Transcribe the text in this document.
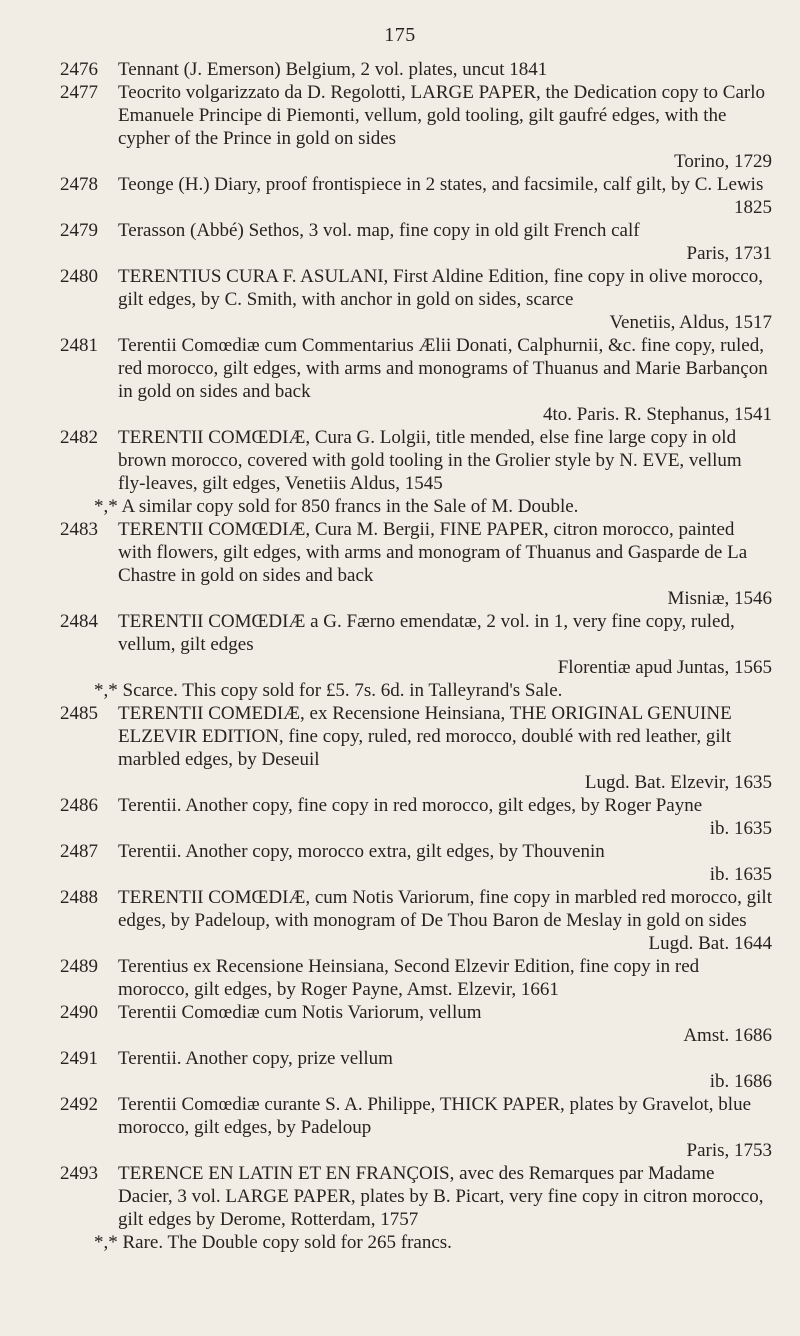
175
2476	Tennant (J. Emerson) Belgium, 2 vol. plates, uncut 1841
2477	Teocrito volgarizzato da D. Regolotti, LARGE PAPER, the Dedication copy to Carlo Emanuele Principe di Piemonti, vellum, gold tooling, gilt gaufré edges, with the cypher of the Prince in gold on sides
Torino, 1729
2478	Teonge (H.) Diary, proof frontispiece in 2 states, and facsimile, calf gilt, by C. Lewis
1825
2479	Terasson (Abbé) Sethos, 3 vol. map, fine copy in old gilt French calf
Paris, 1731
2480	TERENTIUS CURA F. ASULANI, First Aldine Edition, fine copy in olive morocco, gilt edges, by C. Smith, with anchor in gold on sides, scarce
Venetiis, Aldus, 1517
2481	Terentii Comœdiæ cum Commentarius Ælii Donati, Calphurnii, &c. fine copy, ruled, red morocco, gilt edges, with arms and monograms of Thuanus and Marie Barbançon in gold on sides and back
4to. Paris. R. Stephanus, 1541
2482	TERENTII COMŒDIÆ, Cura G. Lolgii, title mended, else fine large copy in old brown morocco, covered with gold tooling in the Grolier style by N. EVE, vellum fly-leaves, gilt edges, Venetiis Aldus, 1545
*,* A similar copy sold for 850 francs in the Sale of M. Double.
2483	TERENTII COMŒDIÆ, Cura M. Bergii, FINE PAPER, citron morocco, painted with flowers, gilt edges, with arms and monogram of Thuanus and Gasparde de La Chastre in gold on sides and back
Misniæ, 1546
2484	TERENTII COMŒDIÆ a G. Færno emendatæ, 2 vol. in 1, very fine copy, ruled, vellum, gilt edges
Florentiæ apud Juntas, 1565
*,* Scarce. This copy sold for £5. 7s. 6d. in Talleyrand's Sale.
2485	TERENTII COMEDIÆ, ex Recensione Heinsiana, THE ORIGINAL GENUINE ELZEVIR EDITION, fine copy, ruled, red morocco, doublé with red leather, gilt marbled edges, by Deseuil
Lugd. Bat. Elzevir, 1635
2486	Terentii. Another copy, fine copy in red morocco, gilt edges, by Roger Payne
ib. 1635
2487	Terentii. Another copy, morocco extra, gilt edges, by Thouvenin
ib. 1635
2488	TERENTII COMŒDIÆ, cum Notis Variorum, fine copy in marbled red morocco, gilt edges, by Padeloup, with monogram of De Thou Baron de Meslay in gold on sides
Lugd. Bat. 1644
2489	Terentius ex Recensione Heinsiana, Second Elzevir Edition, fine copy in red morocco, gilt edges, by Roger Payne, Amst. Elzevir, 1661
2490	Terentii Comœdiæ cum Notis Variorum, vellum
Amst. 1686
2491	Terentii. Another copy, prize vellum
ib. 1686
2492	Terentii Comœdiæ curante S. A. Philippe, THICK PAPER, plates by Gravelot, blue morocco, gilt edges, by Padeloup
Paris, 1753
2493	TERENCE EN LATIN ET EN FRANÇOIS, avec des Remarques par Madame Dacier, 3 vol. LARGE PAPER, plates by B. Picart, very fine copy in citron morocco, gilt edges by Derome, Rotterdam, 1757
*,* Rare. The Double copy sold for 265 francs.
